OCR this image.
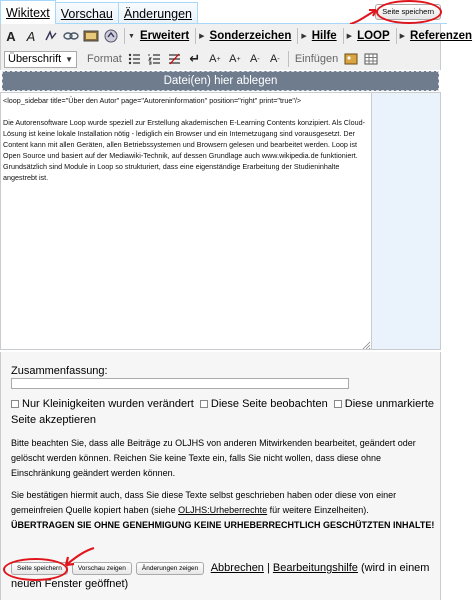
Wikitext Vorschau Änderungen	Seite speichern
A A	▼ Erweitert ▶ Sonderzeichen ▶ Hilfe ▶ LOOP ▶ Referenzen
Überschrift ▼ Format	↵ A + A + A - A - Einfügen
Datei(en) hier ablegen

<loop_sidebar title="Über den Autor" page="Autoreninformation" position="right" print="true"/>

Die Autorensoftware Loop wurde speziell zur Erstellung akademischen E-Learning Contents konzipiert. Als Cloud-Lösung ist keine lokale Installation nötig - lediglich ein Browser und ein Internetzugang sind vorausgesetzt. Der Content kann mit allen Geräten, allen Betriebssystemen und Browsern gelesen und bearbeitet werden. Loop ist Open Source und basiert auf der Mediawiki-Technik, auf dessen Grundlage auch www.wikipedia.de funktioniert. Grundsätzlich sind Module in Loop so strukturiert, dass eine eigenständige Erarbeitung der Studieninhalte angestrebt ist.

Zusammenfassung:
Nur Kleinigkeiten wurden verändert Diese Seite beobachten Diese unmarkierte Seite akzeptieren

Bitte beachten Sie, dass alle Beiträge zu OLJHS von anderen Mitwirkenden bearbeitet, geändert oder gelöscht werden können. Reichen Sie keine Texte ein, falls Sie nicht wollen, dass diese ohne Einschränkung geändert werden können.

Sie bestätigen hiermit auch, dass Sie diese Texte selbst geschrieben haben oder diese von einer gemeinfreien Quelle kopiert haben (siehe OLJHS:Urheberrechte für weitere Einzelheiten).
ÜBERTRAGEN SIE OHNE GENEHMIGUNG KEINE URHEBERRECHTLICH GESCHÜTZTEN INHALTE!

Seite speichern Vorschau zeigen Änderungen zeigen Abbrechen | Bearbeitungshilfe (wird in einem neuen Fenster geöffnet)
